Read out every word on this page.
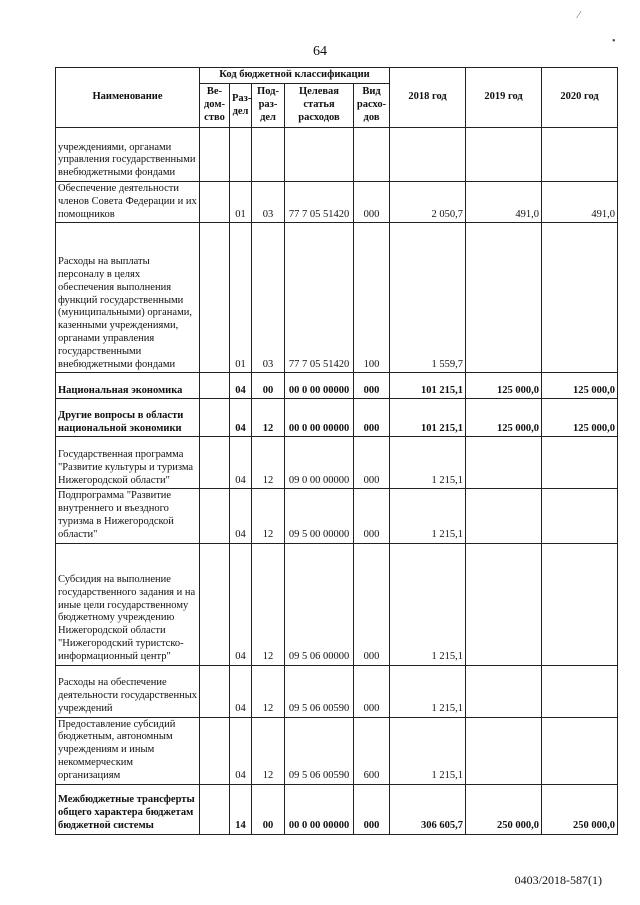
⁄
•
64
Наименование	Код бюджетной классификации					2018 год	2019 год	2020 год
	Ве-дом-ство	Раз-дел	Под-раз-дел	Целевая статья расходов	Вид расхо-дов			
учреждениями, органами управления государственными внебюджетными фондами								
Обеспечение деятельности членов Совета Федерации и их помощников		01	03	77 7 05 51420	000	2 050,7	491,0	491,0
Расходы на выплаты персоналу в целях обеспечения выполнения функций государственными (муниципальными) органами, казенными учреждениями, органами управления государственными внебюджетными фондами		01	03	77 7 05 51420	100	1 559,7		
Национальная экономика		04	00	00 0 00 00000	000	101 215,1	125 000,0	125 000,0
Другие вопросы в области национальной экономики		04	12	00 0 00 00000	000	101 215,1	125 000,0	125 000,0
Государственная программа "Развитие культуры и туризма Нижегородской области"		04	12	09 0 00 00000	000	1 215,1		
Подпрограмма "Развитие внутреннего и въездного туризма в Нижегородской области"		04	12	09 5 00 00000	000	1 215,1		
Субсидия на выполнение государственного задания и на иные цели государственному бюджетному учреждению Нижегородской области "Нижегородский туристско-информационный центр"		04	12	09 5 06 00000	000	1 215,1		
Расходы на обеспечение деятельности государственных учреждений		04	12	09 5 06 00590	000	1 215,1		
Предоставление субсидий бюджетным, автономным учреждениям и иным некоммерческим организациям		04	12	09 5 06 00590	600	1 215,1		
Межбюджетные трансферты общего характера бюджетам бюджетной системы		14	00	00 0 00 00000	000	306 605,7	250 000,0	250 000,0
0403/2018-587(1)
